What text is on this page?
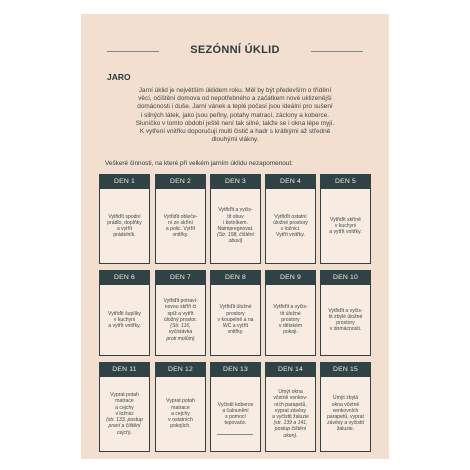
SEZÓNNÍ ÚKLID
JARO
Jarní úklid je největším úklidem roku. Měl by být především o třídění
věcí, očištění domova od nepotřebného a začátkem nové uklizenější
domácnosti i duše. Jarní vánek a teplé počasí jsou ideální pro sušení
i silných látek, jako jsou peřiny, potahy matrací, záclony a koberce.
Sluníčko v tomto období ještě není tak silné, takže se i okna lépe myjí.
K vytření vnitřku doporučuji multi čistič a hadr s krátkými až středně
dlouhými vlákny.
Veškeré činnosti, na které při velkém jarním úklidu nezapomenout:
DEN 1
Vytřiďit spodní
prádlo, doplňky
a vytřít
prádelník.
DEN 2
Vytřiďit obleče-
ní ze skříní
a polic. Vytřít
vnitřky.
DEN 3
Vytřiďit a vyčis-
tit obuv
i botníkem.
Naimpregnovat.
(Str. 158, čištění
obuvi)
DEN 4
Vytřiďit ostatní
úložné prostory
v ložnici.
Vytřít vnitřky.
DEN 5
Vytřiďit skříně
v kuchyni
a vytřít vnitřky.
DEN 6
Vytřiďit šuplíky
v kuchyni
a vytřít vnitřky.
DEN 7
Vytřiďit potravi-
novou skříň či
spíž a vytřít
úložný prostor.
(Str. 116,
vyčistávka
proti molům)
DEN 8
Vytřiďit úložné
prostory
v koupelně a na
WC a vytřít
vnitřky.
DEN 9
Vytřiďit a vyčis-
tit úložné
prostory
v dětském
pokoji.
DEN 10
Vytřiďit a vyčis-
tit zbylé úložné
prostory
v domácnosti.
DEN 11
Vyprat potah
matrace
a cejchy
v ložnici
(str. 133, postup
praní a čištění
cejch).
DEN 12
Vyprat potah
matrace
a cejchy
v ostatních
pokojích.
DEN 13
Vyčistit koberce
a čalounění
s pomocí
tepovače.
DEN 14
Umýt okna
včetně venkov-
ních parapetů,
vyprat závěsy
a vyčistit žaluzie
(str. 139 a 141,
postup čištění
oken).
DEN 15
Umýt zbylá
okna včetně
venkovních
parapetů, vyprat
závěsy a vyčistit
žaluzie.
